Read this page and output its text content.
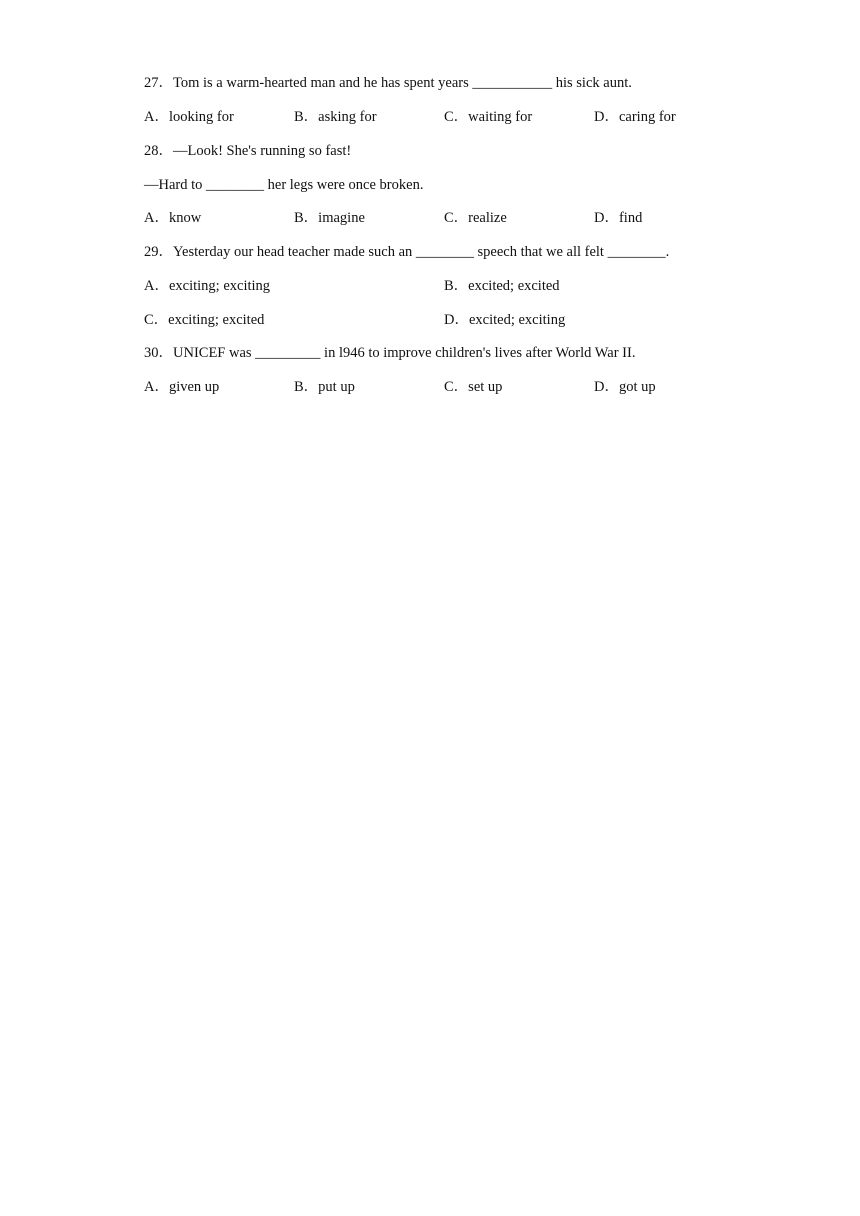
27．Tom is a warm-hearted man and he has spent years ___________ his sick aunt.
A．looking for	B．asking for	C．waiting for	D．caring for
28．—Look! She's running so fast!
—Hard to ________ her legs were once broken.
A．know	B．imagine	C．realize	D．find
29．Yesterday our head teacher made such an ________ speech that we all felt ________.
A．exciting; exciting	B．excited; excited
C．exciting; excited	D．excited; exciting
30．UNICEF was _________ in l946 to improve children's lives after World War II.
A．given up	B．put up	C．set up	D．got up
